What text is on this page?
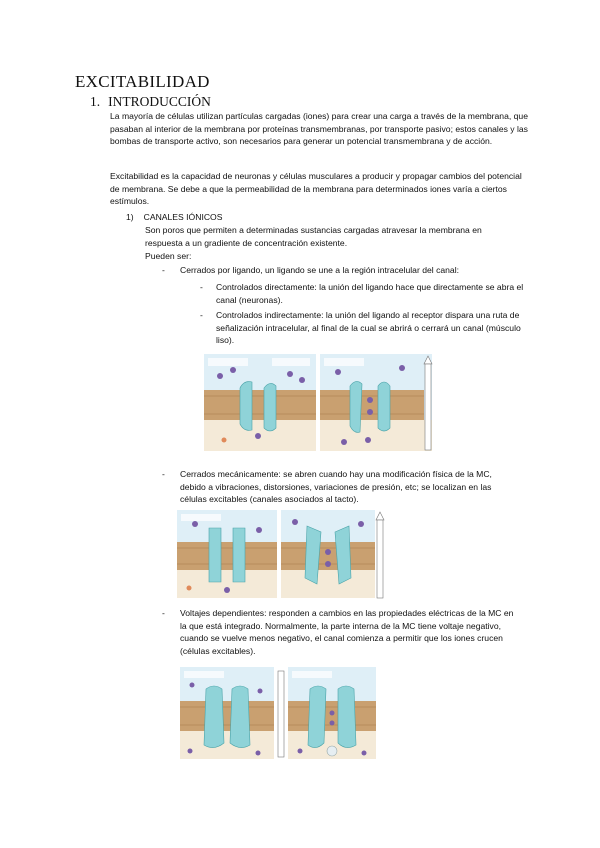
EXCITABILIDAD
1. INTRODUCCIÓN
La mayoría de células utilizan partículas cargadas (iones) para crear una carga a través de la membrana, que pasaban al interior de la membrana por proteínas transmembranas, por transporte pasivo; estos canales y las bombas de transporte activo, son necesarios para generar un potencial transmembrana y de acción.
Excitabilidad es la capacidad de neuronas y células musculares a producir y propagar cambios del potencial de membrana. Se debe a que la permeabilidad de la membrana para determinados iones varía a ciertos estímulos.
1) CANALES IÓNICOS
Son poros que permiten a determinadas sustancias cargadas atravesar la membrana en respuesta a un gradiente de concentración existente.
Pueden ser:
-	Cerrados por ligando, un ligando se une a la región intracelular del canal:
-	Controlados directamente: la unión del ligando hace que directamente se abra el canal (neuronas).
-	Controlados indirectamente: la unión del ligando al receptor dispara una ruta de señalización intracelular, al final de la cual se abrirá o cerrará un canal (músculo liso).
-	Cerrados mecánicamente: se abren cuando hay una modificación física de la MC, debido a vibraciones, distorsiones, variaciones de presión, etc; se localizan en las células excitables (canales asociados al tacto).
-	Voltajes dependientes: responden a cambios en las propiedades eléctricas de la MC en la que está integrado. Normalmente, la parte interna de la MC tiene voltaje negativo, cuando se vuelve menos negativo, el canal comienza a permitir que los iones crucen (células excitables).
